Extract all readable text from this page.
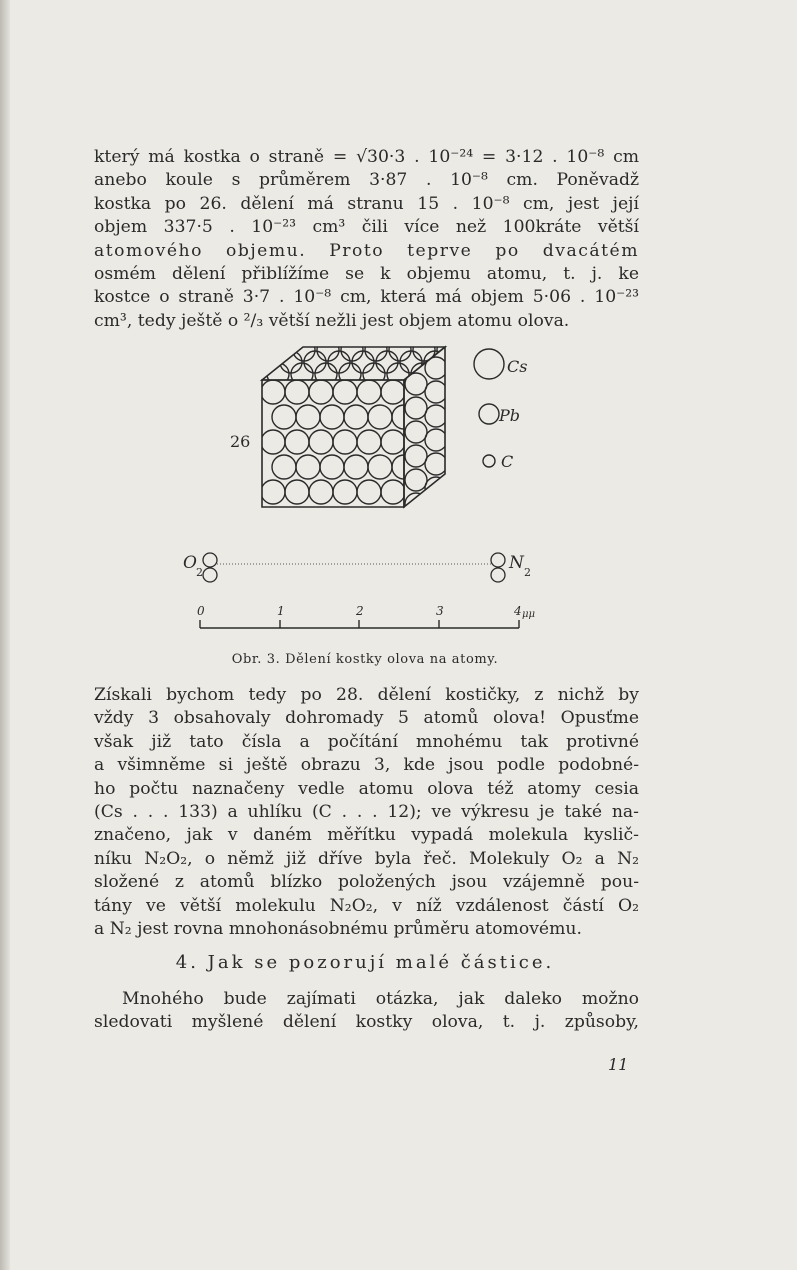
který má kostka o straně = √30·3 . 10⁻²⁴ = 3·12 . 10⁻⁸ cm
anebo koule s průměrem 3·87 . 10⁻⁸ cm. Poněvadž
kostka po 26. dělení má stranu 15 . 10⁻⁸ cm, jest její
objem 337·5 . 10⁻²³ cm³ čili více než 100kráte větší
atomového objemu. Proto teprve po dvacátém
osmém dělení přiblížíme se k objemu atomu, t. j. ke
kostce o straně 3·7 . 10⁻⁸ cm, která má objem 5·06 . 10⁻²³
cm³, tedy ještě o ²/₃ větší nežli jest objem atomu olova.
26
Cs
Pb
C
O 2	N 2
0	1	2	3	4 μμ
Obr. 3. Dělení kostky olova na atomy.
Získali bychom tedy po 28. dělení kostičky, z nichž by
vždy 3 obsahovaly dohromady 5 atomů olova! Opusťme
však již tato čísla a počítání mnohému tak protivné
a všimněme si ještě obrazu 3, kde jsou podle podobné-
ho počtu naznačeny vedle atomu olova též atomy cesia
(Cs . . . 133) a uhlíku (C . . . 12); ve výkresu je také na-
značeno, jak v daném měřítku vypadá molekula kyslič-
níku N₂O₂, o němž již dříve byla řeč. Molekuly O₂ a N₂
složené z atomů blízko položených jsou vzájemně pou-
tány ve větší molekulu N₂O₂, v níž vzdálenost částí O₂
a N₂ jest rovna mnohonásobnému průměru atomovému.
4. Jak se pozorují malé částice.
Mnohého bude zajímati otázka, jak daleko možno
sledovati myšlené dělení kostky olova, t. j. způsoby,
11
